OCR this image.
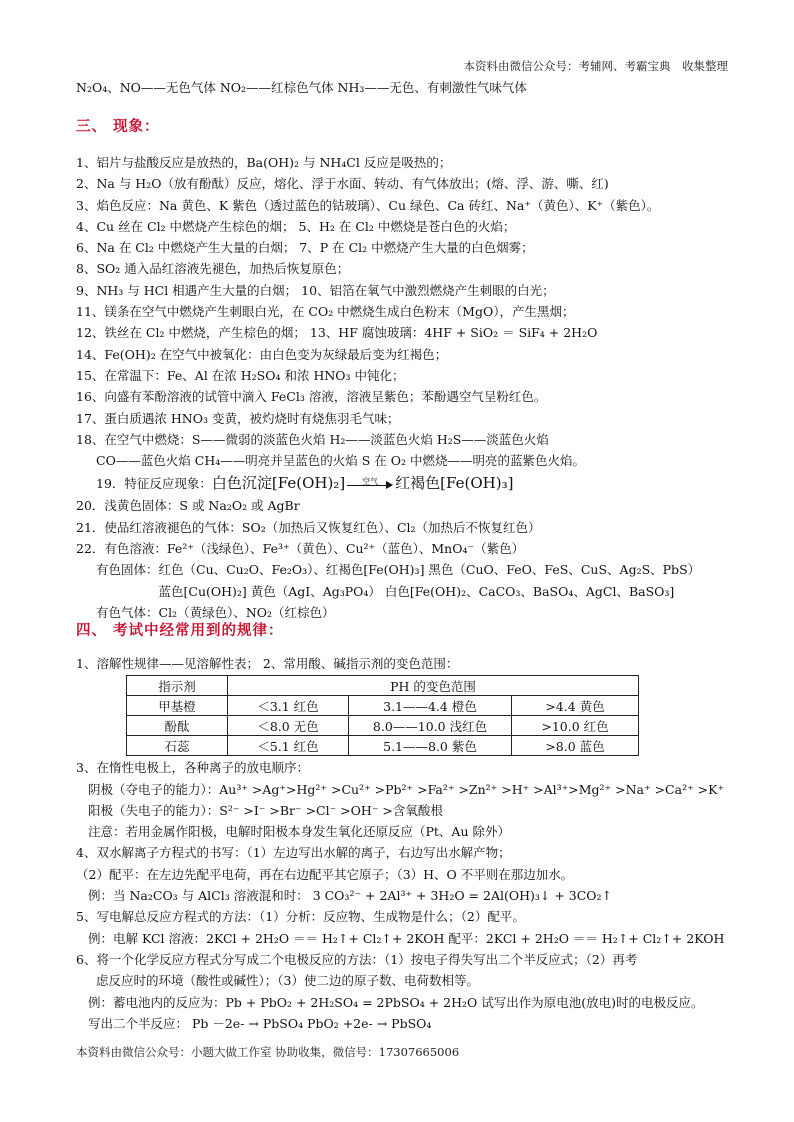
本资料由微信公众号：考辅网、考霸宝典　收集整理
N₂O₄、NO——无色气体 NO₂——红棕色气体 NH₃——无色、有刺激性气味气体
三、 现象：
1、铝片与盐酸反应是放热的，Ba(OH)₂ 与 NH₄Cl 反应是吸热的；
2、Na 与 H₂O（放有酚酞）反应，熔化、浮于水面、转动、有气体放出；(熔、浮、游、嘶、红)
3、焰色反应：Na 黄色、K 紫色（透过蓝色的钴玻璃）、Cu 绿色、Ca 砖红、Na⁺（黄色）、K⁺（紫色）。
4、Cu 丝在 Cl₂ 中燃烧产生棕色的烟； 5、H₂ 在 Cl₂ 中燃烧是苍白色的火焰；
6、Na 在 Cl₂ 中燃烧产生大量的白烟； 7、P 在 Cl₂ 中燃烧产生大量的白色烟雾；
8、SO₂ 通入品红溶液先褪色，加热后恢复原色；
9、NH₃ 与 HCl 相遇产生大量的白烟； 10、铝箔在氧气中激烈燃烧产生刺眼的白光；
11、镁条在空气中燃烧产生刺眼白光，在 CO₂ 中燃烧生成白色粉末（MgO），产生黑烟；
12、铁丝在 Cl₂ 中燃烧，产生棕色的烟； 13、HF 腐蚀玻璃：4HF + SiO₂ ＝ SiF₄ + 2H₂O
14、Fe(OH)₂ 在空气中被氧化：由白色变为灰绿最后变为红褐色；
15、在常温下：Fe、Al 在浓 H₂SO₄ 和浓 HNO₃ 中钝化；
16、向盛有苯酚溶液的试管中滴入 FeCl₃ 溶液，溶液呈紫色；苯酚遇空气呈粉红色。
17、蛋白质遇浓 HNO₃ 变黄，被灼烧时有烧焦羽毛气味；
18、在空气中燃烧：S——微弱的淡蓝色火焰 H₂——淡蓝色火焰 H₂S——淡蓝色火焰
CO——蓝色火焰 CH₄——明亮并呈蓝色的火焰 S 在 O₂ 中燃烧——明亮的蓝紫色火焰。
19．特征反应现象：白色沉淀[Fe(OH)₂]	空气	红褐色[Fe(OH)₃]
20．浅黄色固体：S 或 Na₂O₂ 或 AgBr
21．使品红溶液褪色的气体：SO₂（加热后又恢复红色）、Cl₂（加热后不恢复红色）
22．有色溶液：Fe²⁺（浅绿色）、Fe³⁺（黄色）、Cu²⁺（蓝色）、MnO₄⁻（紫色）
有色固体：红色（Cu、Cu₂O、Fe₂O₃）、红褐色[Fe(OH)₃] 黑色（CuO、FeO、FeS、CuS、Ag₂S、PbS）
　　　　　蓝色[Cu(OH)₂] 黄色（AgI、Ag₃PO₄） 白色[Fe(OH)₂、CaCO₃、BaSO₄、AgCl、BaSO₃]
有色气体：Cl₂（黄绿色）、NO₂（红棕色）
四、 考试中经常用到的规律：
1、溶解性规律——见溶解性表； 2、常用酸、碱指示剂的变色范围：
指示剂	PH 的变色范围		
甲基橙	＜3.1 红色	3.1——4.4 橙色	>4.4 黄色
酚酞	＜8.0 无色	8.0——10.0 浅红色	>10.0 红色
石蕊	＜5.1 红色	5.1——8.0 紫色	>8.0 蓝色
3、在惰性电极上，各种离子的放电顺序：
阴极（夺电子的能力）：Au³⁺ >Ag⁺>Hg²⁺ >Cu²⁺ >Pb²⁺ >Fa²⁺ >Zn²⁺ >H⁺ >Al³⁺>Mg²⁺ >Na⁺ >Ca²⁺ >K⁺
阳极（失电子的能力）：S²⁻ >I⁻ >Br⁻ >Cl⁻ >OH⁻ >含氧酸根
注意：若用金属作阳极，电解时阳极本身发生氧化还原反应（Pt、Au 除外）
4、双水解离子方程式的书写：（1）左边写出水解的离子，右边写出水解产物；
（2）配平：在左边先配平电荷，再在右边配平其它原子；（3）H、O 不平则在那边加水。
例：当 Na₂CO₃ 与 AlCl₃ 溶液混和时： 3 CO₃²⁻ + 2Al³⁺ + 3H₂O = 2Al(OH)₃↓ + 3CO₂↑
5、写电解总反应方程式的方法：（1）分析：反应物、生成物是什么；（2）配平。
例：电解 KCl 溶液：2KCl + 2H₂O ＝＝ H₂↑+ Cl₂↑+ 2KOH 配平：2KCl + 2H₂O ＝＝ H₂↑+ Cl₂↑+ 2KOH
6、将一个化学反应方程式分写成二个电极反应的方法：（1）按电子得失写出二个半反应式；（2）再考
虑反应时的环境（酸性或碱性）；（3）使二边的原子数、电荷数相等。
例：蓄电池内的反应为：Pb + PbO₂ + 2H₂SO₄ = 2PbSO₄ + 2H₂O 试写出作为原电池(放电)时的电极反应。
写出二个半反应： Pb －2e- → PbSO₄ PbO₂ +2e- → PbSO₄
本资料由微信公众号：小题大做工作室 协助收集，微信号：17307665006
